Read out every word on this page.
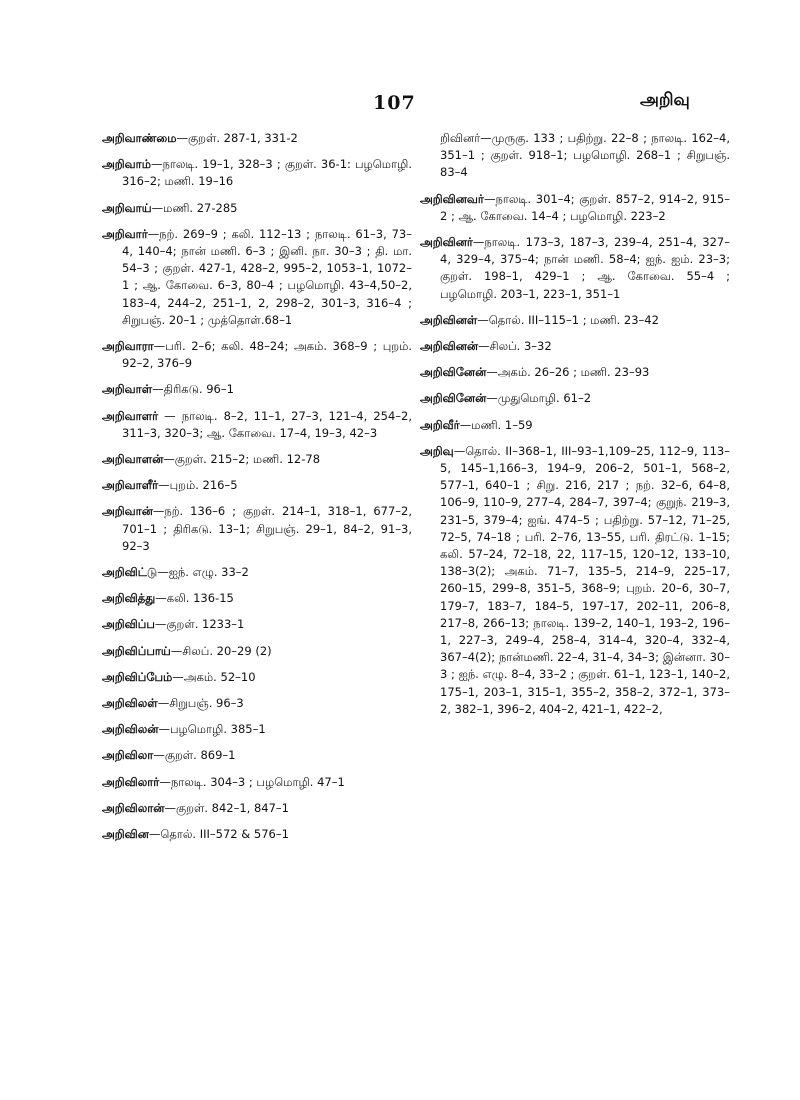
107	அறிவு

அறிவாண்மை—குறள். 287-1, 331-2

அறிவாம்—நாலடி. 19–1, 328–3 ; குறள். 36-1: பழமொழி. 316–2; மணி. 19–16

அறிவாய்—மணி. 27-285

அறிவார்—நற். 269–9 ; கலி. 112–13 ; நாலடி. 61–3, 73–4, 140–4; நான் மணி. 6–3 ; இனி. நா. 30–3 ; தி. மா. 54–3 ; குறள். 427-1, 428–2, 995–2, 1053–1, 1072–1 ; ஆ. கோவை. 6–3, 80–4 ; பழமொழி. 43–4,50–2, 183–4, 244–2, 251–1, 2, 298–2, 301–3, 316–4 ; சிறுபஞ். 20–1 ; முத்தொள்.68–1

அறிவாரா—பரி. 2–6; கலி. 48–24; அகம். 368–9 ; புறம். 92–2, 376–9

அறிவாள்—திரிகடு. 96–1

அறிவாளர் — நாலடி. 8–2, 11–1, 27–3, 121–4, 254–2, 311–3, 320–3; ஆ. கோவை. 17–4, 19–3, 42–3

அறிவாளன்—குறள். 215–2; மணி. 12-78

அறிவாளீர்—புறம். 216–5

அறிவான்—நற். 136–6 ; குறள். 214–1, 318–1, 677–2, 701–1 ; திரிகடு. 13–1; சிறுபஞ். 29–1, 84–2, 91–3, 92–3

அறிவிட்டு—ஐந். எழு. 33–2

அறிவித்து—கலி. 136-15

அறிவிப்ப—குறள். 1233–1

அறிவிப்பாய்—சிலப். 20–29 (2)

அறிவிப்பேம்—அகம். 52–10

அறிவிலள்—சிறுபஞ். 96–3

அறிவிலன்—பழமொழி. 385–1

அறிவிலா—குறள். 869–1

அறிவிலார்—நாலடி. 304–3 ; பழமொழி. 47–1

அறிவிலான்—குறள். 842–1, 847–1

அறிவின—தொல். III–572 & 576–1

றிவினர்—முருகு. 133 ; பதிற்று. 22–8 ; நாலடி. 162–4, 351–1 ; குறள். 918–1; பழமொழி. 268–1 ; சிறுபஞ். 83–4

அறிவினவர்—நாலடி. 301–4; குறள். 857–2, 914–2, 915–2 ; ஆ. கோவை. 14–4 ; பழமொழி. 223–2

அறிவினர்—நாலடி. 173–3, 187–3, 239–4, 251–4, 327–4, 329–4, 375–4; நான் மணி. 58–4; ஐந். ஐம். 23–3; குறள். 198–1, 429–1 ; ஆ. கோவை. 55–4 ; பழமொழி. 203–1, 223–1, 351–1

அறிவினள்—தொல். III–115–1 ; மணி. 23–42

அறிவினன்—சிலப். 3–32

அறிவினேன்—அகம். 26–26 ; மணி. 23–93

அறிவினேன்—முதுமொழி. 61–2

அறிவீர்—மணி. 1–59

அறிவு—தொல். II–368–1, III–93–1,109–25, 112–9, 113–5, 145–1,166–3, 194–9, 206–2, 501–1, 568–2, 577–1, 640–1 ; சிறு. 216, 217 ; நற். 32–6, 64–8, 106–9, 110–9, 277–4, 284–7, 397–4; குறுந். 219–3, 231–5, 379–4; ஐங். 474–5 ; பதிற்று. 57–12, 71–25, 72–5, 74–18 ; பரி. 2–76, 13–55, பரி. திரட்டு. 1–15; கலி. 57–24, 72–18, 22, 117–15, 120–12, 133–10, 138–3(2); அகம். 71–7, 135–5, 214–9, 225–17, 260–15, 299–8, 351–5, 368–9; புறம். 20–6, 30–7, 179–7, 183–7, 184–5, 197–17, 202–11, 206–8, 217–8, 266–13; நாலடி. 139–2, 140–1, 193–2, 196–1, 227–3, 249–4, 258–4, 314–4, 320–4, 332–4, 367–4(2); நான்மணி. 22–4, 31–4, 34–3; இன்னா. 30–3 ; ஐந். எழு. 8–4, 33–2 ; குறள். 61–1, 123–1, 140–2, 175–1, 203–1, 315–1, 355–2, 358–2, 372–1, 373–2, 382–1, 396–2, 404–2, 421–1, 422–2,
